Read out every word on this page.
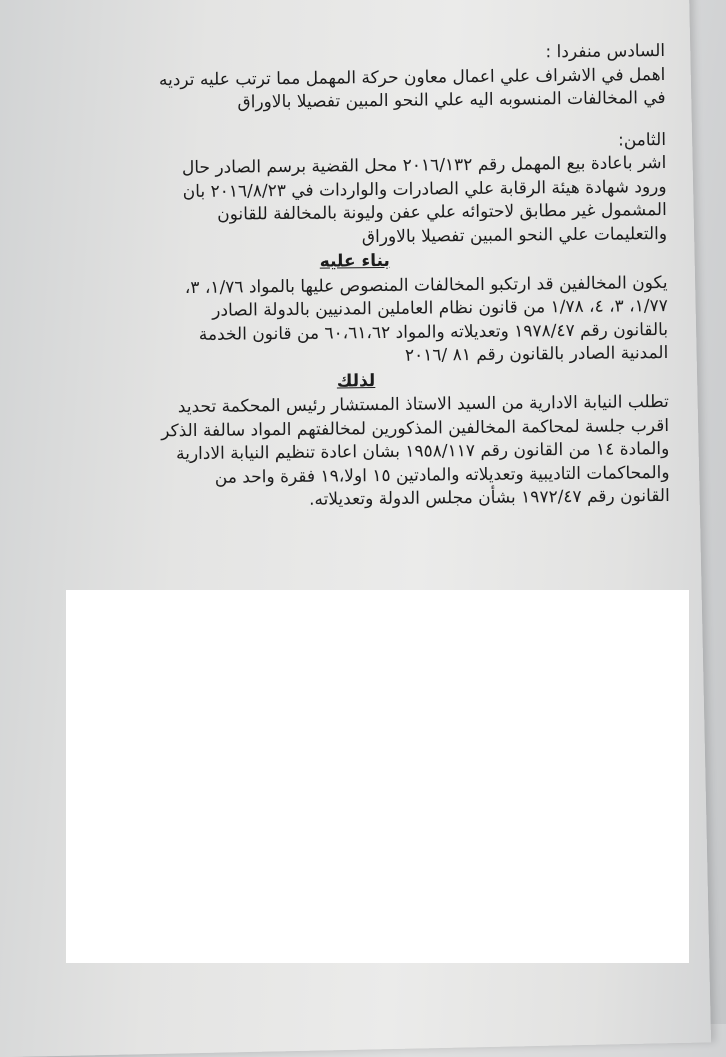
السادس منفردا :

اهمل في الاشراف علي اعمال معاون حركة المهمل مما ترتب عليه ترديه

في المخالفات المنسوبه اليه علي النحو المبين تفصيلا بالاوراق

الثامن:

اشر باعادة بيع المهمل رقم ٢٠١٦/١٣٢ محل القضية برسم الصادر حال

ورود شهادة هيئة الرقابة علي الصادرات والواردات في ٢٠١٦/٨/٢٣ بان

المشمول غير مطابق لاحتوائه علي عفن وليونة بالمخالفة للقانون

والتعليمات علي النحو المبين تفصيلا بالاوراق

بناء عليه

يكون المخالفين قد ارتكبو المخالفات المنصوص عليها بالمواد ١/٧٦، ٣،

١/٧٧، ٣، ٤، ١/٧٨ من قانون نظام العاملين المدنيين بالدولة الصادر

بالقانون رقم ١٩٧٨/٤٧ وتعديلاته والمواد ٦٠،٦١،٦٢ من قانون الخدمة

المدنية الصادر بالقانون رقم ٨١ /٢٠١٦

لذلك

تطلب النيابة الادارية من السيد الاستاذ المستشار رئيس المحكمة تحديد

اقرب جلسة لمحاكمة المخالفين المذكورين لمخالفتهم المواد سالفة الذكر

والمادة ١٤ من القانون رقم ١٩٥٨/١١٧ بشان اعادة تنظيم النيابة الادارية

والمحاكمات التاديبية وتعديلاته والمادتين ١٥ اولا،١٩ فقرة واحد من

القانون رقم ١٩٧٢/٤٧ بشأن مجلس الدولة وتعديلاته.
